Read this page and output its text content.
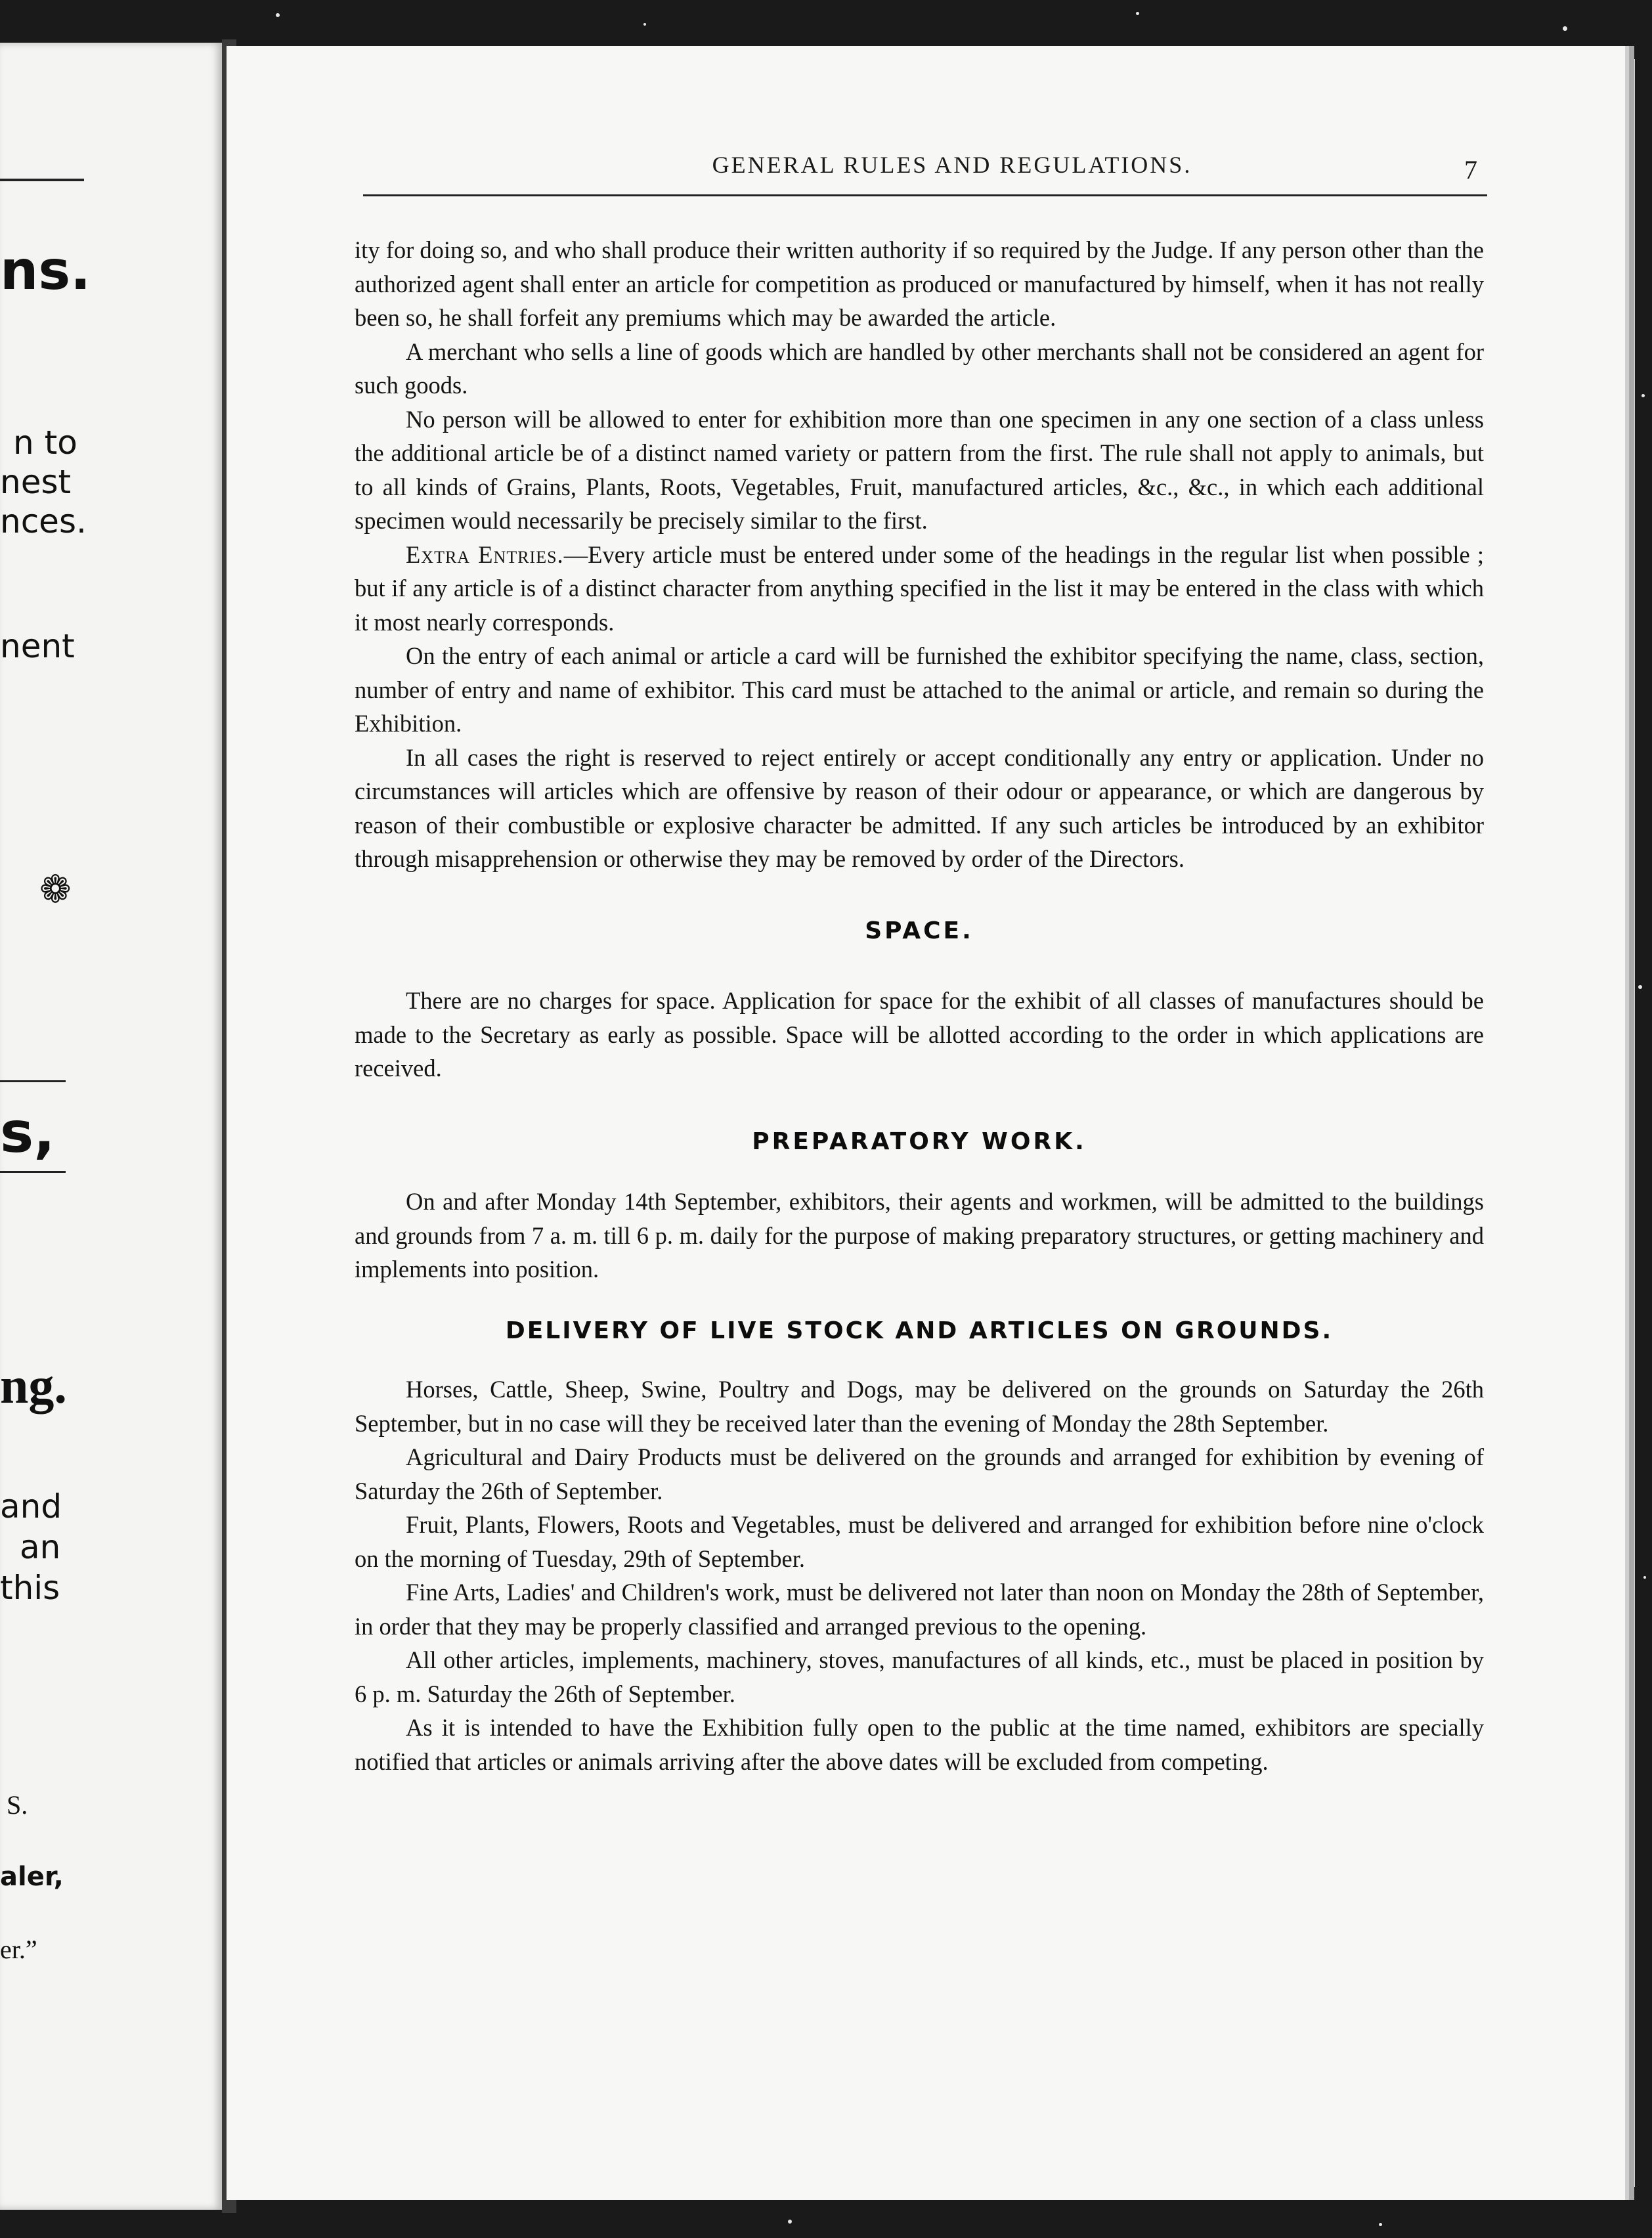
ns.
n to
nest
nces.
nent
s,
ng.
and
an
this
S.
aler,
er.”
❁
GENERAL RULES AND REGULATIONS.	7

ity for doing so, and who shall produce their written authority if so required by the Judge. If any person other than the authorized agent shall enter an article for competition as produced or manufactured by himself, when it has not really been so, he shall forfeit any premiums which may be awarded the article.

A merchant who sells a line of goods which are handled by other merchants shall not be considered an agent for such goods.

No person will be allowed to enter for exhibition more than one specimen in any one section of a class unless the additional article be of a distinct named variety or pattern from the first. The rule shall not apply to animals, but to all kinds of Grains, Plants, Roots, Vegetables, Fruit, manufactured articles, &c., &c., in which each additional specimen would necessarily be precisely similar to the first.

Extra Entries.—Every article must be entered under some of the headings in the regular list when possible ; but if any article is of a distinct character from anything specified in the list it may be entered in the class with which it most nearly corresponds.

On the entry of each animal or article a card will be furnished the exhibitor specifying the name, class, section, number of entry and name of exhibitor. This card must be attached to the animal or article, and remain so during the Exhibition.

In all cases the right is reserved to reject entirely or accept conditionally any entry or application. Under no circumstances will articles which are offensive by reason of their odour or appearance, or which are dangerous by reason of their combustible or explosive character be admitted. If any such articles be introduced by an exhibitor through misapprehension or otherwise they may be removed by order of the Directors.

SPACE.

There are no charges for space. Application for space for the exhibit of all classes of manufactures should be made to the Secretary as early as possible. Space will be allotted according to the order in which applications are received.

PREPARATORY WORK.

On and after Monday 14th September, exhibitors, their agents and workmen, will be admitted to the buildings and grounds from 7 a. m. till 6 p. m. daily for the purpose of making preparatory structures, or getting machinery and implements into position.

DELIVERY OF LIVE STOCK AND ARTICLES ON GROUNDS.

Horses, Cattle, Sheep, Swine, Poultry and Dogs, may be delivered on the grounds on Saturday the 26th September, but in no case will they be received later than the evening of Monday the 28th September.

Agricultural and Dairy Products must be delivered on the grounds and arranged for exhibition by evening of Saturday the 26th of September.

Fruit, Plants, Flowers, Roots and Vegetables, must be delivered and arranged for exhibition before nine o'clock on the morning of Tuesday, 29th of September.

Fine Arts, Ladies' and Children's work, must be delivered not later than noon on Monday the 28th of September, in order that they may be properly classified and arranged previous to the opening.

All other articles, implements, machinery, stoves, manufactures of all kinds, etc., must be placed in position by 6 p. m. Saturday the 26th of September.

As it is intended to have the Exhibition fully open to the public at the time named, exhibitors are specially notified that articles or animals arriving after the above dates will be excluded from competing.
